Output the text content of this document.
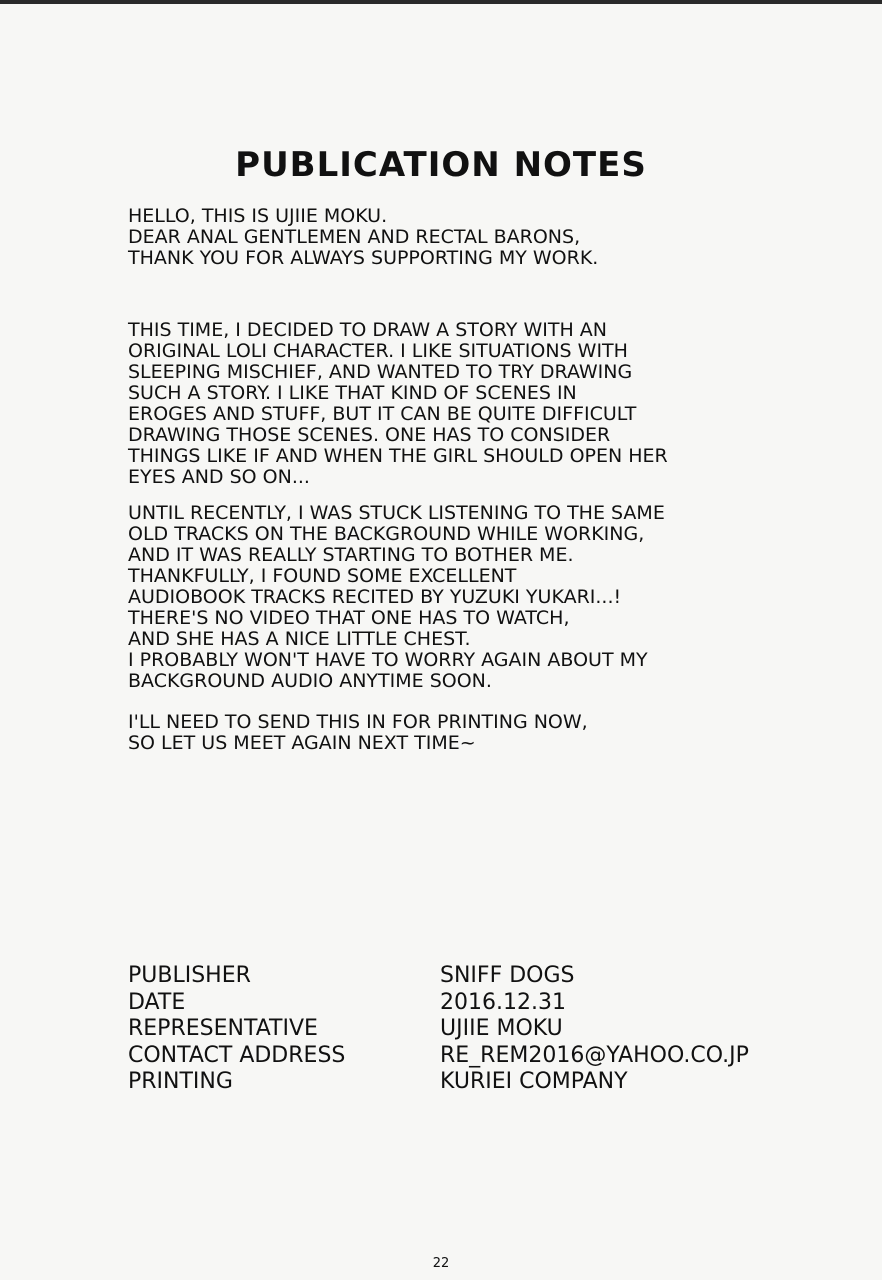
PUBLICATION NOTES
HELLO, THIS IS UJIIE MOKU.
DEAR ANAL GENTLEMEN AND RECTAL BARONS,
THANK YOU FOR ALWAYS SUPPORTING MY WORK.
THIS TIME, I DECIDED TO DRAW A STORY WITH AN
ORIGINAL LOLI CHARACTER. I LIKE SITUATIONS WITH
SLEEPING MISCHIEF, AND WANTED TO TRY DRAWING
SUCH A STORY. I LIKE THAT KIND OF SCENES IN
EROGES AND STUFF, BUT IT CAN BE QUITE DIFFICULT
DRAWING THOSE SCENES. ONE HAS TO CONSIDER
THINGS LIKE IF AND WHEN THE GIRL SHOULD OPEN HER
EYES AND SO ON...
UNTIL RECENTLY, I WAS STUCK LISTENING TO THE SAME
OLD TRACKS ON THE BACKGROUND WHILE WORKING,
AND IT WAS REALLY STARTING TO BOTHER ME.
THANKFULLY, I FOUND SOME EXCELLENT
AUDIOBOOK TRACKS RECITED BY YUZUKI YUKARI...!
THERE'S NO VIDEO THAT ONE HAS TO WATCH,
AND SHE HAS A NICE LITTLE CHEST.
I PROBABLY WON'T HAVE TO WORRY AGAIN ABOUT MY
BACKGROUND AUDIO ANYTIME SOON.
I'LL NEED TO SEND THIS IN FOR PRINTING NOW,
SO LET US MEET AGAIN NEXT TIME~
PUBLISHER
DATE
REPRESENTATIVE
CONTACT ADDRESS
PRINTING
SNIFF DOGS
2016.12.31
UJIIE MOKU
RE_REM2016@YAHOO.CO.JP
KURIEI COMPANY
22
